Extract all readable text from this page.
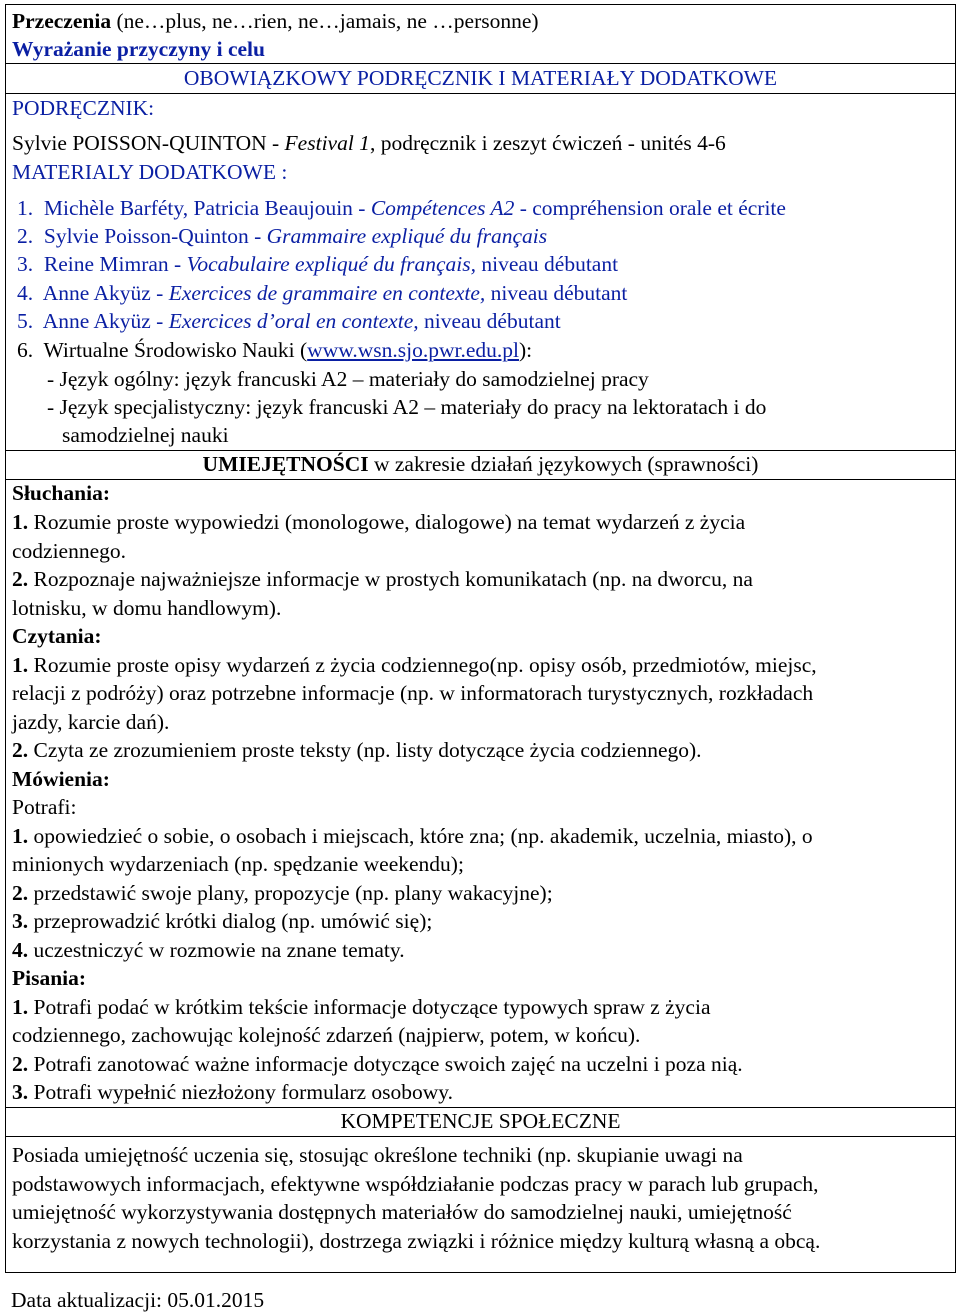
Przeczenia (ne…plus, ne…rien, ne…jamais, ne …personne)
Wyrażanie przyczyny i celu
OBOWIĄZKOWY PODRĘCZNIK I MATERIAŁY DODATKOWE
PODRĘCZNIK:
Sylvie POISSON-QUINTON - Festival 1, podręcznik i zeszyt ćwiczeń - unités 4-6
MATERIALY DODATKOWE :
1. Michèle Barféty, Patricia Beaujouin - Compétences A2 - compréhension orale et écrite
2. Sylvie Poisson-Quinton - Grammaire expliqué du français
3. Reine Mimran - Vocabulaire expliqué du français, niveau débutant
4. Anne Akyüz - Exercices de grammaire en contexte, niveau débutant
5. Anne Akyüz - Exercices d’oral en contexte, niveau débutant
6. Wirtualne Środowisko Nauki (www.wsn.sjo.pwr.edu.pl):
- Język ogólny: język francuski A2 – materiały do samodzielnej pracy
- Język specjalistyczny: język francuski A2 – materiały do pracy na lektoratach i do
samodzielnej nauki
UMIEJĘTNOŚCI w zakresie działań językowych (sprawności)
Słuchania:
1. Rozumie proste wypowiedzi (monologowe, dialogowe) na temat wydarzeń z życia
codziennego.
2. Rozpoznaje najważniejsze informacje w prostych komunikatach (np. na dworcu, na
lotnisku, w domu handlowym).
Czytania:
1. Rozumie proste opisy wydarzeń z życia codziennego(np. opisy osób, przedmiotów, miejsc,
relacji z podróży) oraz potrzebne informacje (np. w informatorach turystycznych, rozkładach
jazdy, karcie dań).
2. Czyta ze zrozumieniem proste teksty (np. listy dotyczące życia codziennego).
Mówienia:
Potrafi:
1. opowiedzieć o sobie, o osobach i miejscach, które zna; (np. akademik, uczelnia, miasto), o
minionych wydarzeniach (np. spędzanie weekendu);
2. przedstawić swoje plany, propozycje (np. plany wakacyjne);
3. przeprowadzić krótki dialog (np. umówić się);
4. uczestniczyć w rozmowie na znane tematy.
Pisania:
1. Potrafi podać w krótkim tekście informacje dotyczące typowych spraw z życia
codziennego, zachowując kolejność zdarzeń (najpierw, potem, w końcu).
2. Potrafi zanotować ważne informacje dotyczące swoich zajęć na uczelni i poza nią.
3. Potrafi wypełnić niezłożony formularz osobowy.
KOMPETENCJE SPOŁECZNE
Posiada umiejętność uczenia się, stosując określone techniki (np. skupianie uwagi na
podstawowych informacjach, efektywne współdziałanie podczas pracy w parach lub grupach,
umiejętność wykorzystywania dostępnych materiałów do samodzielnej nauki, umiejętność
korzystania z nowych technologii), dostrzega związki i różnice między kulturą własną a obcą.
Data aktualizacji: 05.01.2015
